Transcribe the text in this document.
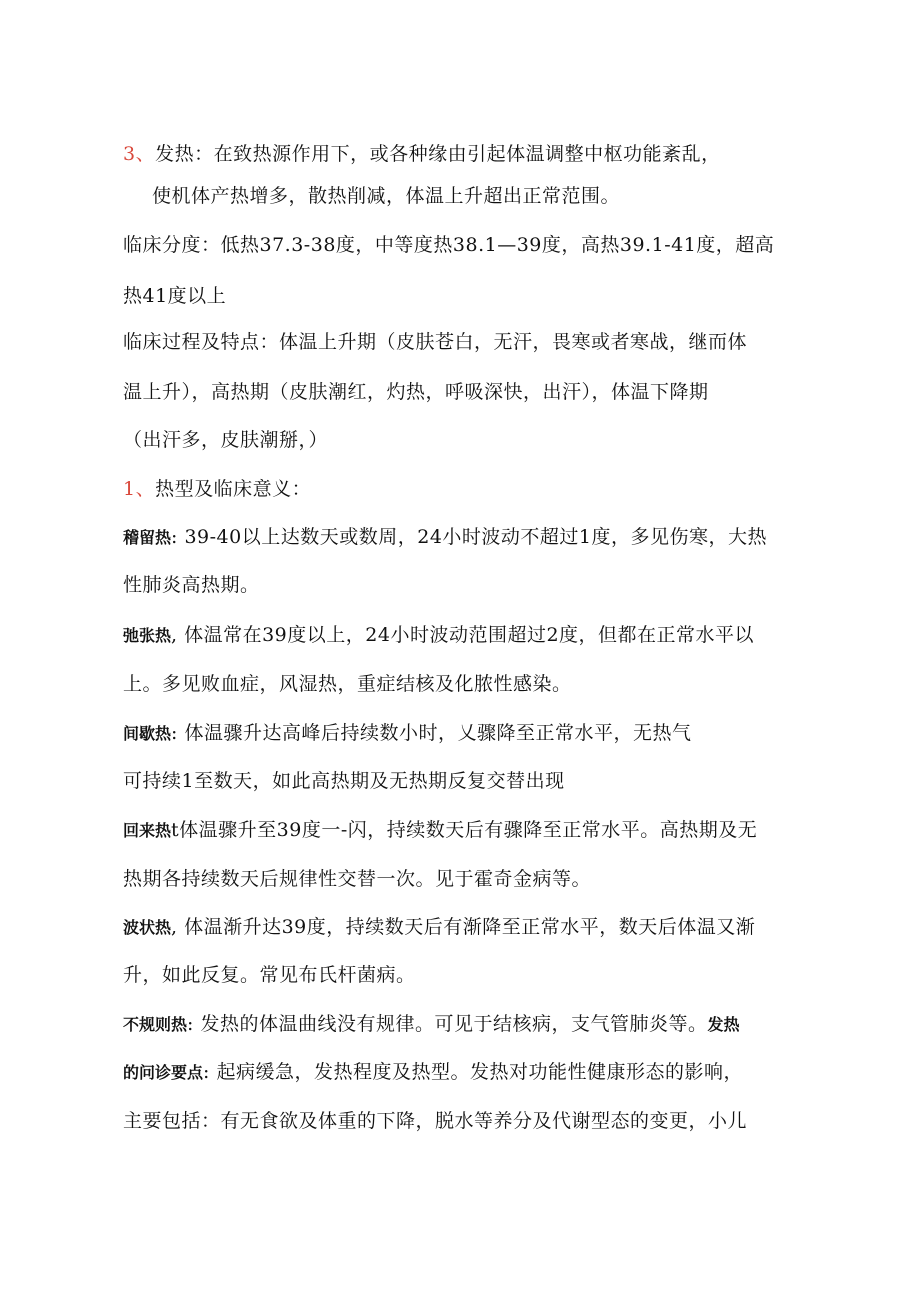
3、发热：在致热源作用下，或各种缘由引起体温调整中枢功能紊乱，
使机体产热增多，散热削减，体温上升超出正常范围。
临床分度：低热37.3-38度，中等度热38.1—39度，高热39.1-41度，超高
热41度以上
临床过程及特点：体温上升期（皮肤苍白，无汗，畏寒或者寒战，继而体
温上升），高热期（皮肤潮红，灼热，呼吸深快，出汗），体温下降期
（出汗多，皮肤潮掰，）
1、热型及临床意义：
稽留热: 39-40以上达数天或数周，24小时波动不超过1度，多见伤寒，大热
性肺炎高热期。
弛张热, 体温常在39度以上，24小时波动范围超过2度，但都在正常水平以
上。多见败血症，风湿热，重症结核及化脓性感染。
间歇热: 体温骤升达高峰后持续数小时，乂骤降至正常水平，无热气
可持续1至数天，如此高热期及无热期反复交替出现
回来热t体温骤升至39度一-闪，持续数天后有骤降至正常水平。高热期及无
热期各持续数天后规律性交替一次。见于霍奇金病等。
波状热, 体温渐升达39度，持续数天后有渐降至正常水平，数天后体温又渐
升，如此反复。常见布氏杆菌病。
不规则热: 发热的体温曲线没有规律。可见于结核病，支气管肺炎等。发热
的问诊要点: 起病缓急，发热程度及热型。发热对功能性健康形态的影响，
主要包括：有无食欲及体重的下降，脱水等养分及代谢型态的变更，小儿
